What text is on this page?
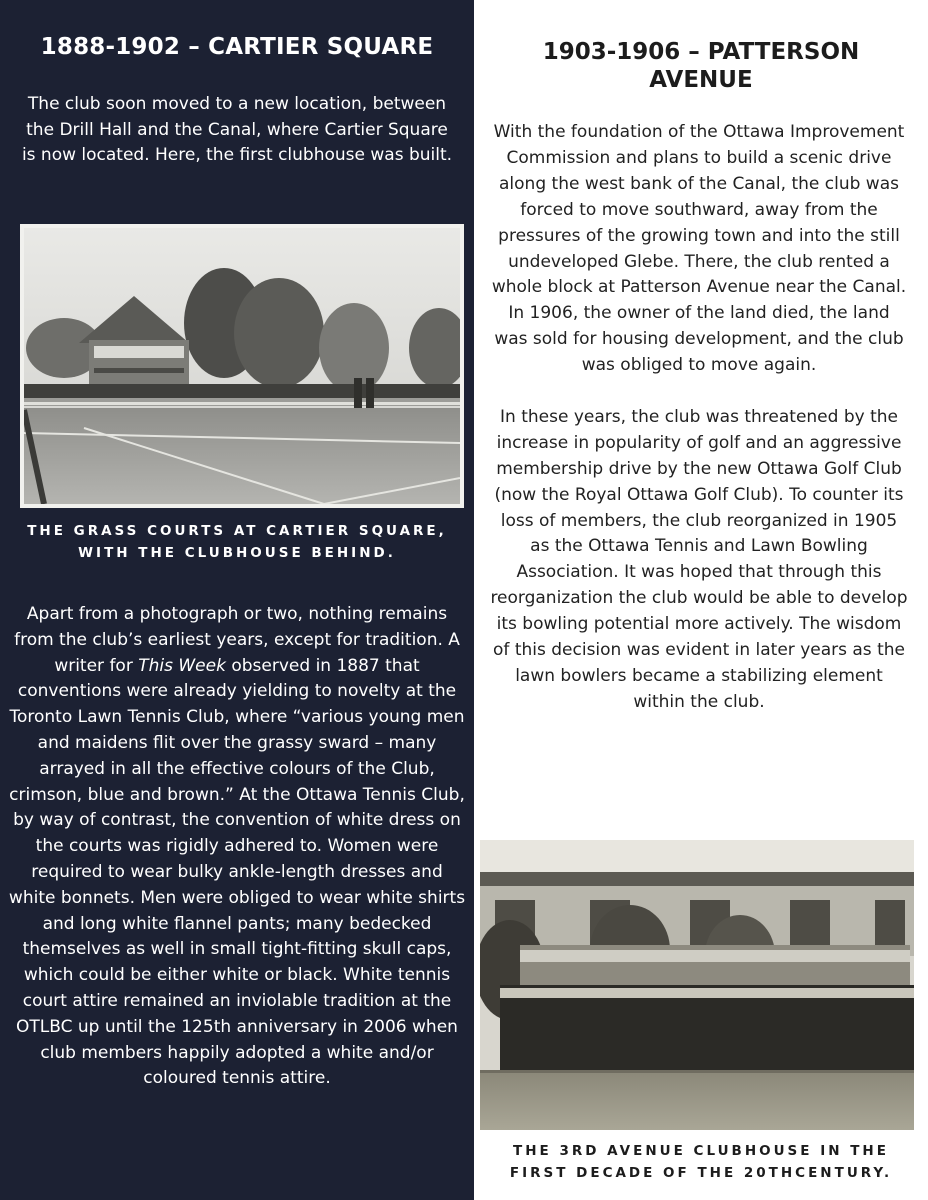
1888-1902 – CARTIER SQUARE

The club soon moved to a new location, between the Drill Hall and the Canal, where Cartier Square is now located. Here, the first clubhouse was built.

THE GRASS COURTS AT CARTIER SQUARE,
WITH THE CLUBHOUSE BEHIND.

Apart from a photograph or two, nothing remains from the club’s earliest years, except for tradition. A writer for This Week observed in 1887 that conventions were already yielding to novelty at the Toronto Lawn Tennis Club, where “various young men and maidens flit over the grassy sward – many arrayed in all the effective colours of the Club, crimson, blue and brown.” At the Ottawa Tennis Club, by way of contrast, the convention of white dress on the courts was rigidly adhered to. Women were required to wear bulky ankle-length dresses and white bonnets. Men were obliged to wear white shirts and long white flannel pants; many bedecked themselves as well in small tight-fitting skull caps, which could be either white or black. White tennis court attire remained an inviolable tradition at the OTLBC up until the 125th anniversary in 2006 when club members happily adopted a white and/or coloured tennis attire.

1903-1906 – PATTERSON
AVENUE

With the foundation of the Ottawa Improvement Commission and plans to build a scenic drive along the west bank of the Canal, the club was forced to move southward, away from the pressures of the growing town and into the still undeveloped Glebe. There, the club rented a whole block at Patterson Avenue near the Canal. In 1906, the owner of the land died, the land was sold for housing development, and the club was obliged to move again.

In these years, the club was threatened by the increase in popularity of golf and an aggressive membership drive by the new Ottawa Golf Club (now the Royal Ottawa Golf Club). To counter its loss of members, the club reorganized in 1905 as the Ottawa Tennis and Lawn Bowling Association. It was hoped that through this reorganization the club would be able to develop its bowling potential more actively. The wisdom of this decision was evident in later years as the lawn bowlers became a stabilizing element within the club.

THE 3RD AVENUE CLUBHOUSE IN THE
FIRST DECADE OF THE 20THCENTURY.
